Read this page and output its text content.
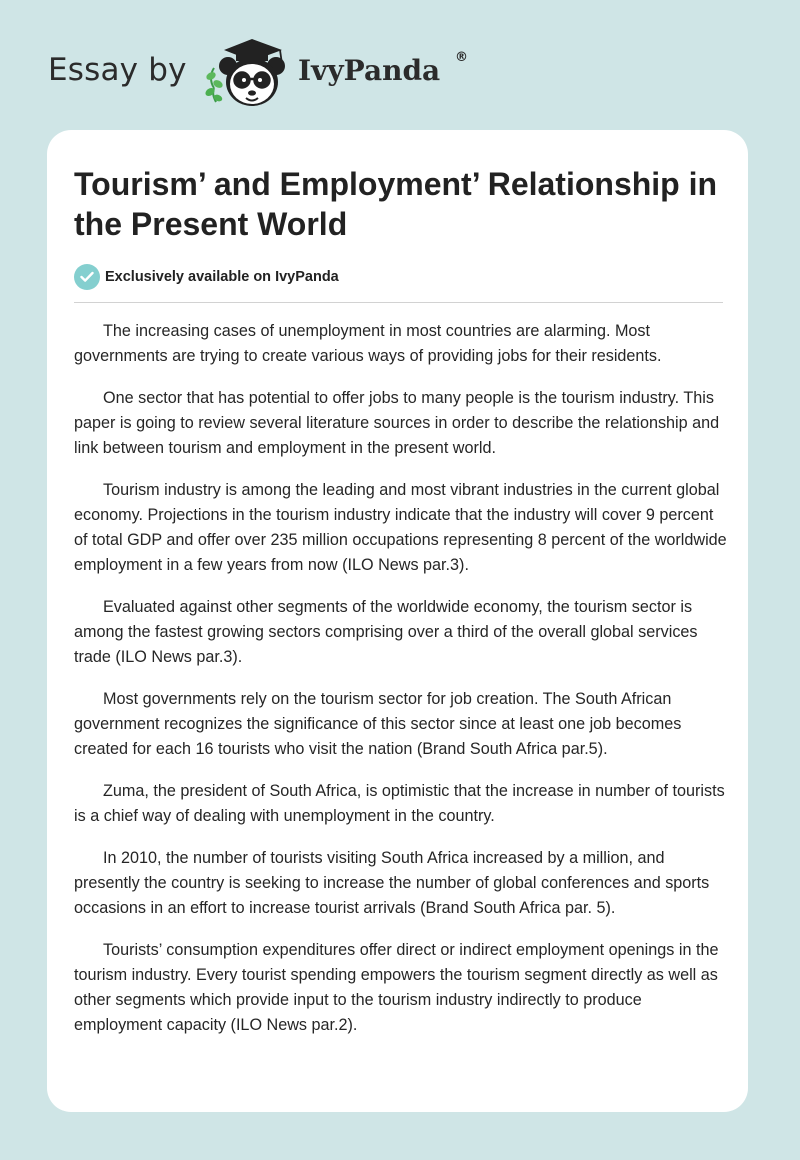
Essay by	IvyPanda ®
Tourism’ and Employment’ Relationship in the Present World
Exclusively available on IvyPanda

The increasing cases of unemployment in most countries are alarming. Most governments are trying to create various ways of providing jobs for their residents.

One sector that has potential to offer jobs to many people is the tourism industry. This paper is going to review several literature sources in order to describe the relationship and link between tourism and employment in the present world.

Tourism industry is among the leading and most vibrant industries in the current global economy. Projections in the tourism industry indicate that the industry will cover 9 percent of total GDP and offer over 235 million occupations representing 8 percent of the worldwide employment in a few years from now (ILO News par.3).

Evaluated against other segments of the worldwide economy, the tourism sector is among the fastest growing sectors comprising over a third of the overall global services trade (ILO News par.3).

Most governments rely on the tourism sector for job creation. The South African government recognizes the significance of this sector since at least one job becomes created for each 16 tourists who visit the nation (Brand South Africa par.5).

Zuma, the president of South Africa, is optimistic that the increase in number of tourists is a chief way of dealing with unemployment in the country.

In 2010, the number of tourists visiting South Africa increased by a million, and presently the country is seeking to increase the number of global conferences and sports occasions in an effort to increase tourist arrivals (Brand South Africa par. 5).

Tourists’ consumption expenditures offer direct or indirect employment openings in the tourism industry. Every tourist spending empowers the tourism segment directly as well as other segments which provide input to the tourism industry indirectly to produce employment capacity (ILO News par.2).
